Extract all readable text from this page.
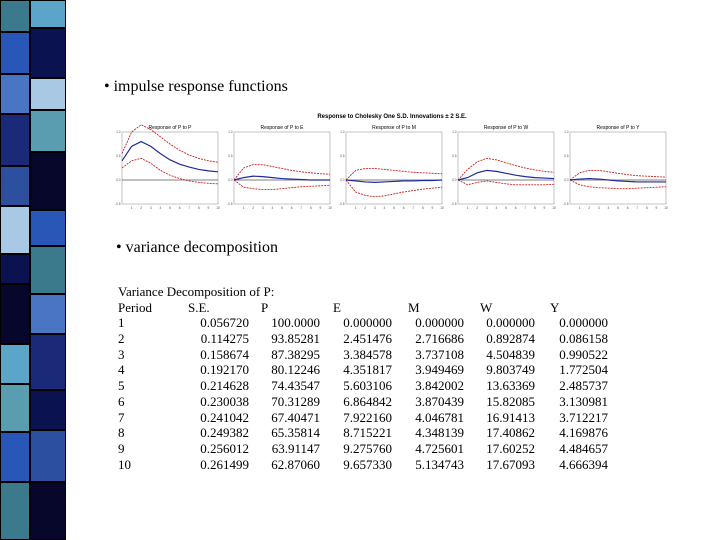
• impulse response functions
Response to Cholesky One S.D. Innovations ± 2 S.E.
Response of P to P
1.0
0.5
0.0
-0.5
1 2 3 4 5 6 7 8 9 10
Response of P to E
1.0
0.5
0.0
-0.5
1 2 3 4 5 6 7 8 9 10
Response of P to M
1.0
0.5
0.0
-0.5
1 2 3 4 5 6 7 8 9 10
Response of P to W
1.0
0.5
0.0
-0.5
1 2 3 4 5 6 7 8 9 10
Response of P to Y
1.0
0.5
0.0
-0.5
1 2 3 4 5 6 7 8 9 10
• variance decomposition
Variance Decomposition of P:
Period	S.E.	P	E	M	W	Y
1	0.056720	100.0000	0.000000	0.000000	0.000000	0.000000
2	0.114275	93.85281	2.451476	2.716686	0.892874	0.086158
3	0.158674	87.38295	3.384578	3.737108	4.504839	0.990522
4	0.192170	80.12246	4.351817	3.949469	9.803749	1.772504
5	0.214628	74.43547	5.603106	3.842002	13.63369	2.485737
6	0.230038	70.31289	6.864842	3.870439	15.82085	3.130981
7	0.241042	67.40471	7.922160	4.046781	16.91413	3.712217
8	0.249382	65.35814	8.715221	4.348139	17.40862	4.169876
9	0.256012	63.91147	9.275760	4.725601	17.60252	4.484657
10	0.261499	62.87060	9.657330	5.134743	17.67093	4.666394
